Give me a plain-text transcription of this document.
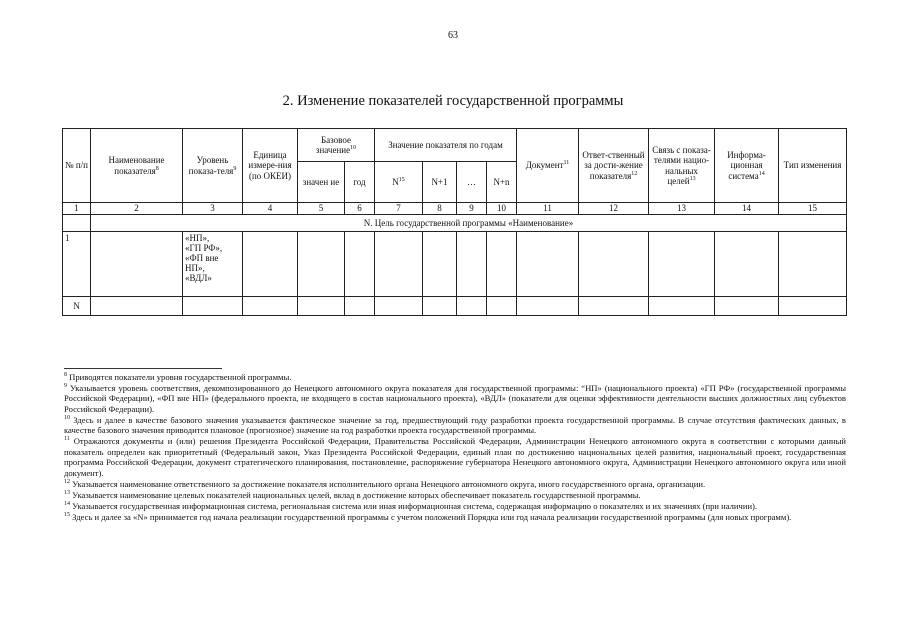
63
2. Изменение показателей государственной программы
№ п/п	Наименование показателя$^8$	Уровень показа-теля$^9$	Единица измере-ния (по ОКЕИ)	Базовое значение$^{10}$		Значение показателя по годам				Документ$^{11}$	Ответ-ственный за дости-жение показателя$^{12}$	Связь с показа-телями нацио-нальных целей$^{13}$	Информа-ционная система$^{14}$	Тип изменения
				значен ие	год	$N^{15}$	N+1	…	N+n					
1	2	3	4	5	6	7	8	9	10	11	12	13	14	15
	N. Цель государственной программы «Наименование»													
1		«НП»,
«ГП РФ»,
«ФП вне
НП»,
«ВДЛ»												

N														

$^8$ Приводятся показатели уровня государственной программы.

$^9$ Указывается уровень соответствия, декомпозированного до Ненецкого автономного округа показателя для государственной программы: “НП» (национального проекта) «ГП РФ» (государственной программы Российской Федерации), «ФП вне НП» (федерального проекта, не входящего в состав национального проекта), «ВДЛ» (показатели для оценки эффективности деятельности высших должностных лиц субъектов Российской Федерации).

$^{10}$ Здесь и далее в качестве базового значения указывается фактическое значение за год, предшествующий году разработки проекта государственной программы. В случае отсутствия фактических данных, в качестве базового значения приводится плановое (прогнозное) значение на год разработки проекта государственной программы.

$^{11}$ Отражаются документы и (или) решения Президента Российской Федерации, Правительства Российской Федерации, Администрации Ненецкого автономного округа в соответствии с которыми данный показатель определен как приоритетный (Федеральный закон, Указ Президента Российской Федерации, единый план по достижению национальных целей развития, национальный проект, государственная программа Российской Федерации, документ стратегического планирования, постановление, распоряжение губернатора Ненецкого автономного округа, Администрации Ненецкого автономного округа или иной документ).

$^{12}$ Указывается наименование ответственного за достижение показателя исполнительного органа Ненецкого автономного округа, иного государственного органа, организации.

$^{13}$ Указывается наименование целевых показателей национальных целей, вклад в достижение которых обеспечивает показатель государственной программы.

$^{14}$ Указывается государственная информационная система, региональная система или иная информационная система, содержащая информацию о показателях и их значениях (при наличии).

$^{15}$ Здесь и далее за «N» принимается год начала реализации государственной программы с учетом положений Порядка или год начала реализации государственной программы (для новых программ).
